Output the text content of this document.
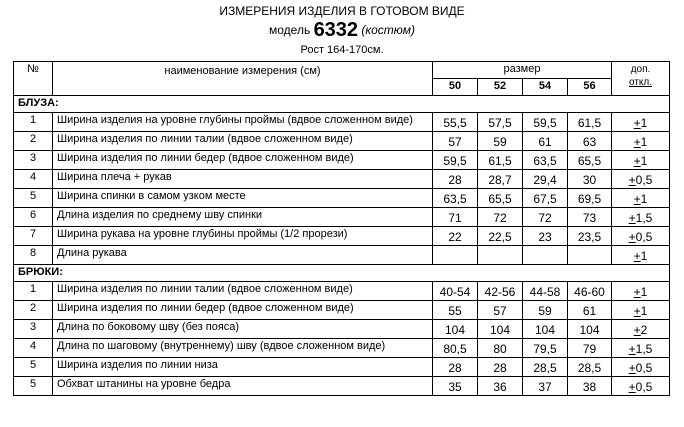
ИЗМЕРЕНИЯ ИЗДЕЛИЯ В ГОТОВОМ ВИДЕ
модель 6332 (костюм)
Рост 164-170см.
№	наименование измерения (см)	размер				доп.
откл.

		50	52	54	56	
БЛУЗА:						
1	Ширина изделия на уровне глубины проймы (вдвое сложенном виде)	55,5	57,5	59,5	61,5	+1
2	Ширина изделия по линии талии (вдвое сложенном виде)	57	59	61	63	+1
3	Ширина изделия по линии бедер (вдвое сложенном виде)	59,5	61,5	63,5	65,5	+1
4	Ширина плеча + рукав	28	28,7	29,4	30	+0,5
5	Ширина спинки в самом узком месте	63,5	65,5	67,5	69,5	+1
6	Длина изделия по среднему шву спинки	71	72	72	73	+1,5
7	Ширина рукава на уровне глубины проймы (1/2 прорези)	22	22,5	23	23,5	+0,5
8	Длина рукава					+1
БРЮКИ:						
1	Ширина изделия по линии талии (вдвое сложенном виде)	40-54	42-56	44-58	46-60	+1
2	Ширина изделия по линии бедер (вдвое сложенном виде)	55	57	59	61	+1
3	Длина по боковому шву (без пояса)	104	104	104	104	+2
4	Длина по шаговому (внутреннему) шву (вдвое сложенном виде)	80,5	80	79,5	79	+1,5
5	Ширина изделия по линии низа	28	28	28,5	28,5	+0,5
5	Обхват штанины на уровне бедра	35	36	37	38	+0,5
